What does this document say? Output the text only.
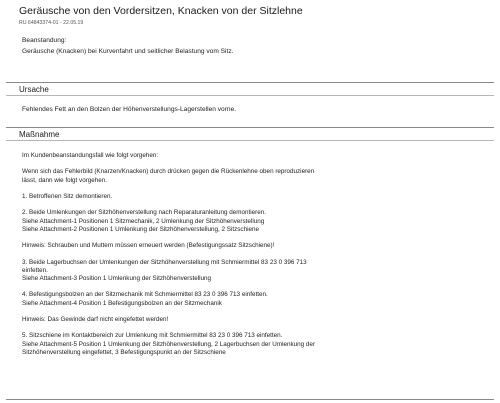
Geräusche von den Vordersitzen, Knacken von der Sitzlehne
RU 64843374-01 - 22.05.19
Beanstandung:
Geräusche (Knacken) bei Kurvenfahrt und seitlicher Belastung vom Sitz.
Ursache
Fehlendes Fett an den Bolzen der Höhenverstellungs-Lagerstellen vorne.
Maßnahme

Im Kundenbeanstandungsfall wie folgt vorgehen:

Wenn sich das Fehlerbild (Knarzen/Knacken) durch drücken gegen die Rückenlehne oben reproduzieren

lässt, dann wie folgt vorgehen.

1. Betroffenen Sitz demontieren.

2. Beide Umlenkungen der Sitzhöhenverstellung nach Reparaturanleitung demontieren.

Siehe Attachment-1 Positionen 1 Sitzmechanik, 2 Umlenkung der Sitzhöhenverstellung

Siehe Attachment-2 Positionen 1 Umlenkung der Sitzhöhenverstellung, 2 Sitzschiene

Hinweis: Schrauben und Muttern müssen erneuert werden (Befestigungssatz Sitzschiene)!

3. Beide Lagerbuchsen der Umlenkungen der Sitzhöhenverstellung mit Schmiermittel 83 23 0 396 713

einfetten.

Siehe Attachment-3 Position 1 Umlenkung der Sitzhöhenverstellung

4. Befestigungsbolzen an der Sitzmechanik mit Schmiermittel 83 23 0 396 713 einfetten.

Siehe Attachment-4 Position 1 Befestigungsbolzen an der Sitzmechanik

Hinweis: Das Gewinde darf nicht eingefettet werden!

5. Sitzschiene im Kontaktbereich zur Umlenkung mit Schmiermittel 83 23 0 396 713 einfetten.

Siehe Attachment-5 Position 1 Umlenkung der Sitzhöhenverstellung, 2 Lagerbuchsen der Umlenkung der

Sitzhöhenverstellung eingefettet, 3 Befestigungspunkt an der Sitzschiene
